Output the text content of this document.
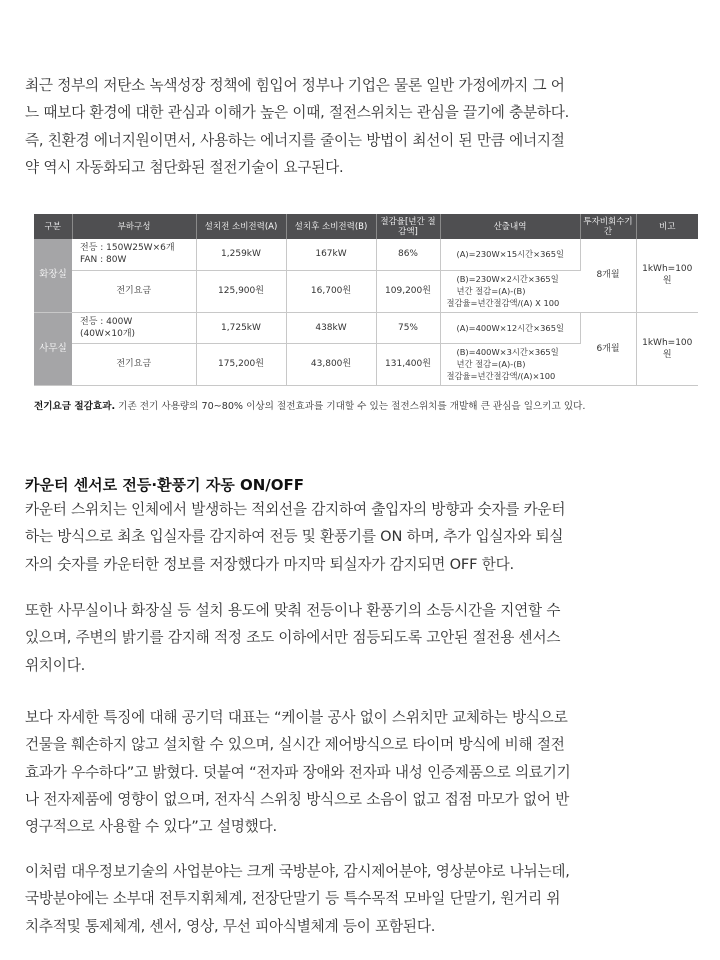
최근 정부의 저탄소 녹색성장 정책에 힘입어 정부나 기업은 물론 일반 가정에까지 그 어
느 때보다 환경에 대한 관심과 이해가 높은 이때, 절전스위치는 관심을 끌기에 충분하다.
즉, 친환경 에너지원이면서, 사용하는 에너지를 줄이는 방법이 최선이 된 만큼 에너지절
약 역시 자동화되고 첨단화된 절전기술이 요구된다.
구분	부하구성	설치전 소비전력(A)	설치후 소비전력(B)	절감율[년간 절감액]	산출내역	투자비회수기간	비고
화장실	전등 : 150W25W×6개
FAN : 80W	1,259kW	167kW	86%	(A)=230W×15시간×365일	8개월	1kWh=100원
	전기요금	125,900원	16,700원	109,200원	(B)=230W×2시간×365일
년간 절감=(A)-(B)
절감율=년간절감액/(A) X 100		

사무실	전등 : 400W
(40W×10개)	1,725kW	438kW	75%	(A)=400W×12시간×365일	6개월	1kWh=100원
	전기요금	175,200원	43,800원	131,400원	(B)=400W×3시간×365일
년간 절감=(A)-(B)
절감율=년간절감액/(A)×100		
전기요금 절감효과. 기존 전기 사용량의 70~80% 이상의 절전효과를 기대할 수 있는 절전스위치를 개발해 큰 관심을 일으키고 있다.
카운터 센서로 전등·환풍기 자동 ON/OFF
카운터 스위치는 인체에서 발생하는 적외선을 감지하여 출입자의 방향과 숫자를 카운터
하는 방식으로 최초 입실자를 감지하여 전등 및 환풍기를 ON 하며, 추가 입실자와 퇴실
자의 숫자를 카운터한 정보를 저장했다가 마지막 퇴실자가 감지되면 OFF 한다.
또한 사무실이나 화장실 등 설치 용도에 맞춰 전등이나 환풍기의 소등시간을 지연할 수
있으며, 주변의 밝기를 감지해 적정 조도 이하에서만 점등되도록 고안된 절전용 센서스
위치이다.
보다 자세한 특징에 대해 공기덕 대표는 “케이블 공사 없이 스위치만 교체하는 방식으로
건물을 훼손하지 않고 설치할 수 있으며, 실시간 제어방식으로 타이머 방식에 비해 절전
효과가 우수하다”고 밝혔다. 덧붙여 “전자파 장애와 전자파 내성 인증제품으로 의료기기
나 전자제품에 영향이 없으며, 전자식 스위칭 방식으로 소음이 없고 접점 마모가 없어 반
영구적으로 사용할 수 있다”고 설명했다.
이처럼 대우정보기술의 사업분야는 크게 국방분야, 감시제어분야, 영상분야로 나뉘는데,
국방분야에는 소부대 전투지휘체계, 전장단말기 등 특수목적 모바일 단말기, 원거리 위
치추적및 통제체계, 센서, 영상, 무선 피아식별체계 등이 포함된다.
